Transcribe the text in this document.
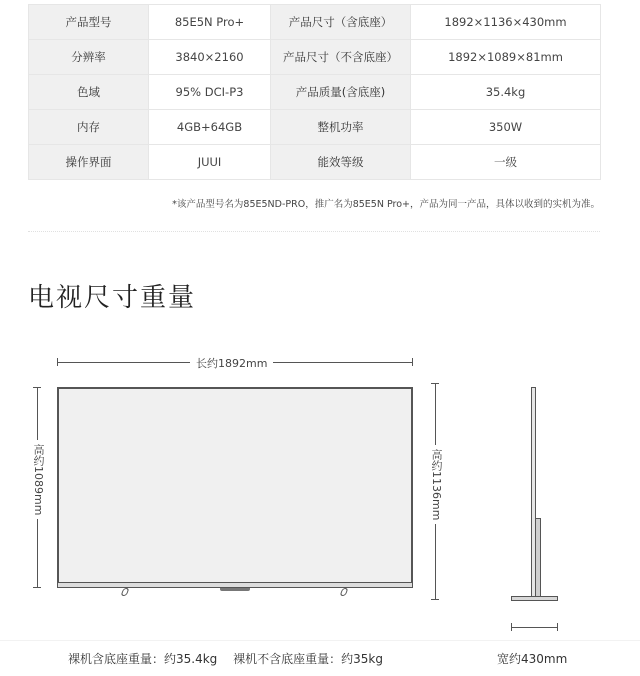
产品型号	85E5N Pro+	产品尺寸（含底座）	1892×1136×430mm
分辨率	3840×2160	产品尺寸（不含底座）	1892×1089×81mm
色域	95% DCI-P3	产品质量(含底座)	35.4kg
内存	4GB+64GB	整机功率	350W
操作界面	JUUI	能效等级	一级
*该产品型号名为85E5ND-PRO，推广名为85E5N Pro+，产品为同一产品，具体以收到的实机为准。
电视尺寸重量
长约1892mm
高约1089mm	高约1136mm
裸机含底座重量：约35.4kg 裸机不含底座重量：约35kg	宽约430mm
